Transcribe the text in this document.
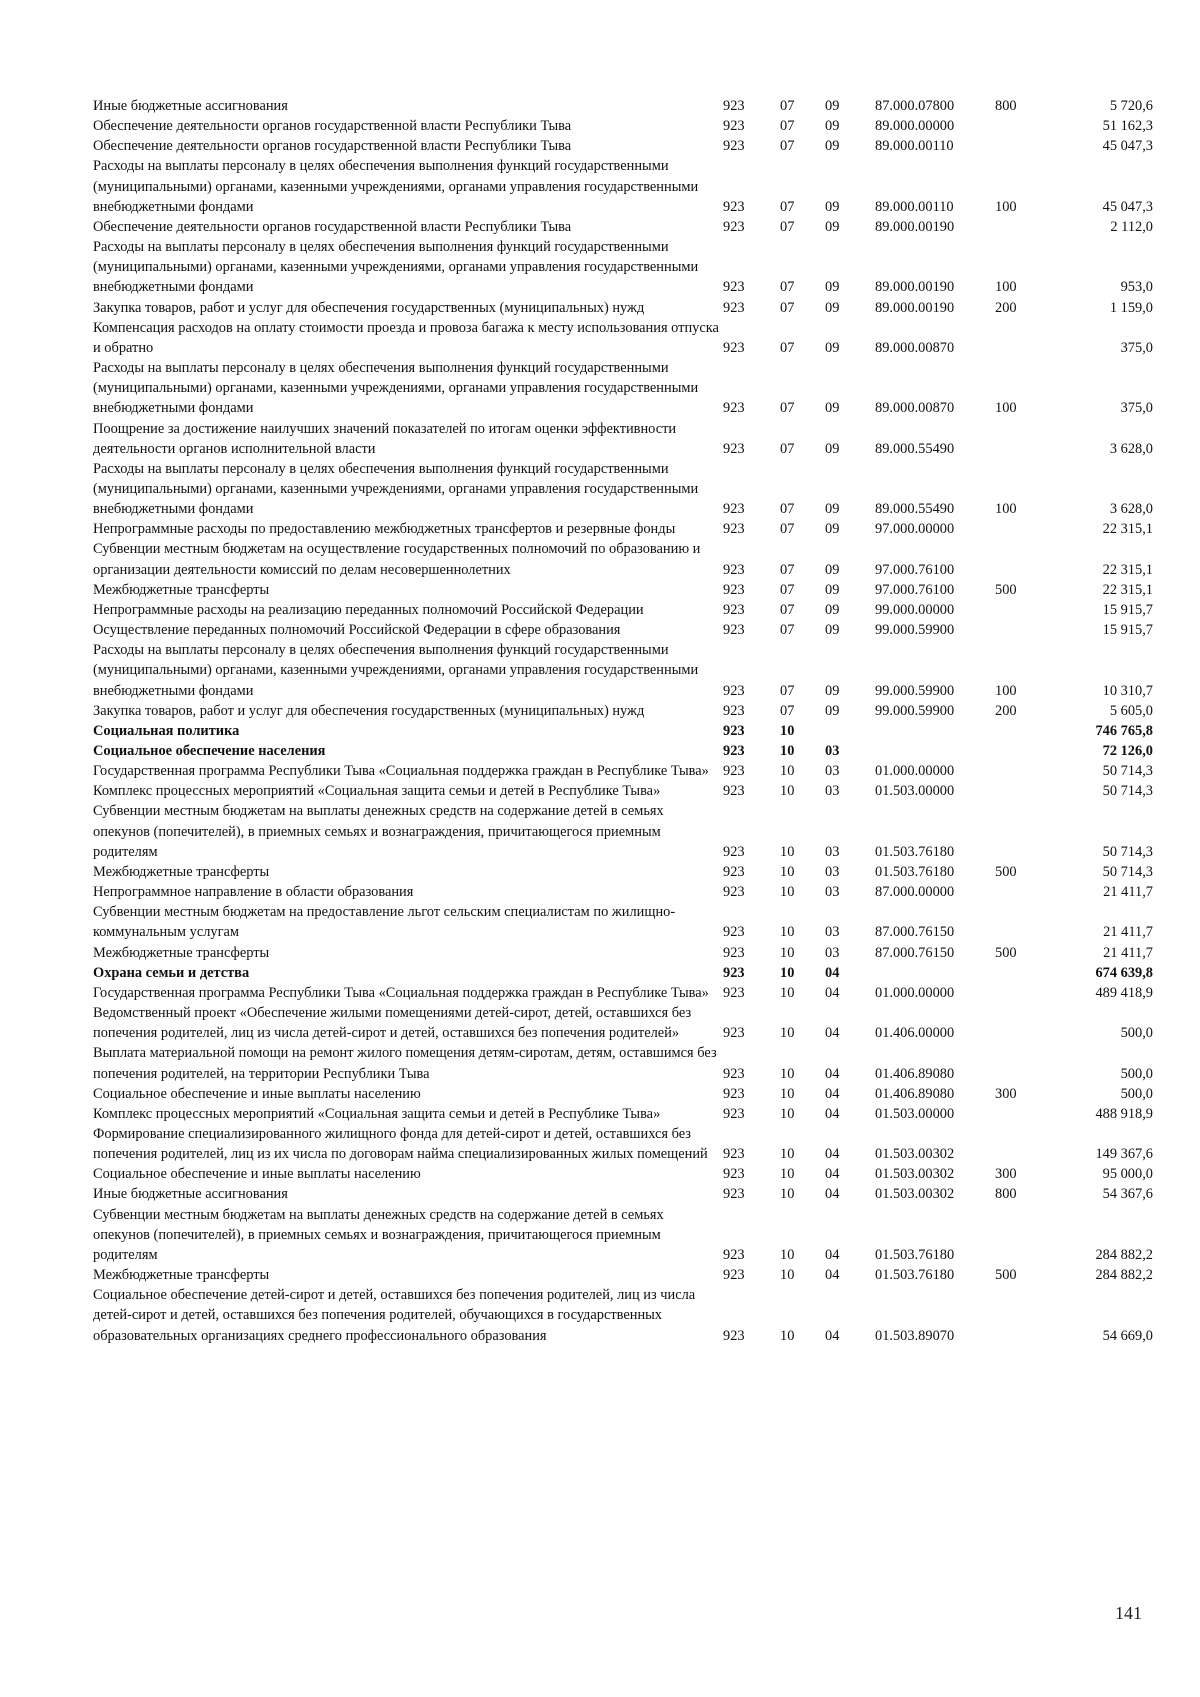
Иные бюджетные ассигнования	923	07	09	87.000.07800	800	5 720,6
Обеспечение деятельности органов государственной власти Республики Тыва	923	07	09	89.000.00000		51 162,3
Обеспечение деятельности органов государственной власти Республики Тыва	923	07	09	89.000.00110		45 047,3
Расходы на выплаты персоналу в целях обеспечения выполнения функций государственными (муниципальными) органами, казенными учреждениями, органами управления государственными внебюджетными фондами	923	07	09	89.000.00110	100	45 047,3
Обеспечение деятельности органов государственной власти Республики Тыва	923	07	09	89.000.00190		2 112,0
Расходы на выплаты персоналу в целях обеспечения выполнения функций государственными (муниципальными) органами, казенными учреждениями, органами управления государственными внебюджетными фондами	923	07	09	89.000.00190	100	953,0
Закупка товаров, работ и услуг для обеспечения государственных (муниципальных) нужд	923	07	09	89.000.00190	200	1 159,0
Компенсация расходов на оплату стоимости проезда и провоза багажа к месту использования отпуска и обратно	923	07	09	89.000.00870		375,0
Расходы на выплаты персоналу в целях обеспечения выполнения функций государственными (муниципальными) органами, казенными учреждениями, органами управления государственными внебюджетными фондами	923	07	09	89.000.00870	100	375,0
Поощрение за достижение наилучших значений показателей по итогам оценки эффективности деятельности органов исполнительной власти	923	07	09	89.000.55490		3 628,0
Расходы на выплаты персоналу в целях обеспечения выполнения функций государственными (муниципальными) органами, казенными учреждениями, органами управления государственными внебюджетными фондами	923	07	09	89.000.55490	100	3 628,0
Непрограммные расходы по предоставлению межбюджетных трансфертов и резервные фонды	923	07	09	97.000.00000		22 315,1
Субвенции местным бюджетам на осуществление государственных полномочий по образованию и организации деятельности комиссий по делам несовершеннолетних	923	07	09	97.000.76100		22 315,1
Межбюджетные трансферты	923	07	09	97.000.76100	500	22 315,1
Непрограммные расходы на реализацию переданных полномочий Российской Федерации	923	07	09	99.000.00000		15 915,7
Осуществление переданных полномочий Российской Федерации в сфере образования	923	07	09	99.000.59900		15 915,7
Расходы на выплаты персоналу в целях обеспечения выполнения функций государственными (муниципальными) органами, казенными учреждениями, органами управления государственными внебюджетными фондами	923	07	09	99.000.59900	100	10 310,7
Закупка товаров, работ и услуг для обеспечения государственных (муниципальных) нужд	923	07	09	99.000.59900	200	5 605,0
Социальная политика	923	10				746 765,8
Социальное обеспечение населения	923	10	03			72 126,0
Государственная программа Республики Тыва «Социальная поддержка граждан в Республике Тыва»	923	10	03	01.000.00000		50 714,3
Комплекс процессных мероприятий «Социальная защита семьи и детей в Республике Тыва»	923	10	03	01.503.00000		50 714,3
Субвенции местным бюджетам на выплаты денежных средств на содержание детей в семьях опекунов (попечителей), в приемных семьях и вознаграждения, причитающегося приемным родителям	923	10	03	01.503.76180		50 714,3
Межбюджетные трансферты	923	10	03	01.503.76180	500	50 714,3
Непрограммное направление в области образования	923	10	03	87.000.00000		21 411,7
Субвенции местным бюджетам на предоставление льгот сельским специалистам по жилищно-коммунальным услугам	923	10	03	87.000.76150		21 411,7
Межбюджетные трансферты	923	10	03	87.000.76150	500	21 411,7
Охрана семьи и детства	923	10	04			674 639,8
Государственная программа Республики Тыва «Социальная поддержка граждан в Республике Тыва»	923	10	04	01.000.00000		489 418,9
Ведомственный проект «Обеспечение жилыми помещениями детей-сирот, детей, оставшихся без попечения родителей, лиц из числа детей-сирот и детей, оставшихся без попечения родителей»	923	10	04	01.406.00000		500,0
Выплата материальной помощи на ремонт жилого помещения детям-сиротам, детям, оставшимся без попечения родителей, на территории Республики Тыва	923	10	04	01.406.89080		500,0
Социальное обеспечение и иные выплаты населению	923	10	04	01.406.89080	300	500,0
Комплекс процессных мероприятий «Социальная защита семьи и детей в Республике Тыва»	923	10	04	01.503.00000		488 918,9
Формирование специализированного жилищного фонда для детей-сирот и детей, оставшихся без попечения родителей, лиц из их числа по договорам найма специализированных жилых помещений	923	10	04	01.503.00302		149 367,6
Социальное обеспечение и иные выплаты населению	923	10	04	01.503.00302	300	95 000,0
Иные бюджетные ассигнования	923	10	04	01.503.00302	800	54 367,6
Субвенции местным бюджетам на выплаты денежных средств на содержание детей в семьях опекунов (попечителей), в приемных семьях и вознаграждения, причитающегося приемным родителям	923	10	04	01.503.76180		284 882,2
Межбюджетные трансферты	923	10	04	01.503.76180	500	284 882,2
Социальное обеспечение детей-сирот и детей, оставшихся без попечения родителей, лиц из числа детей-сирот и детей, оставшихся без попечения родителей, обучающихся в государственных образовательных организациях среднего профессионального образования	923	10	04	01.503.89070		54 669,0
141
